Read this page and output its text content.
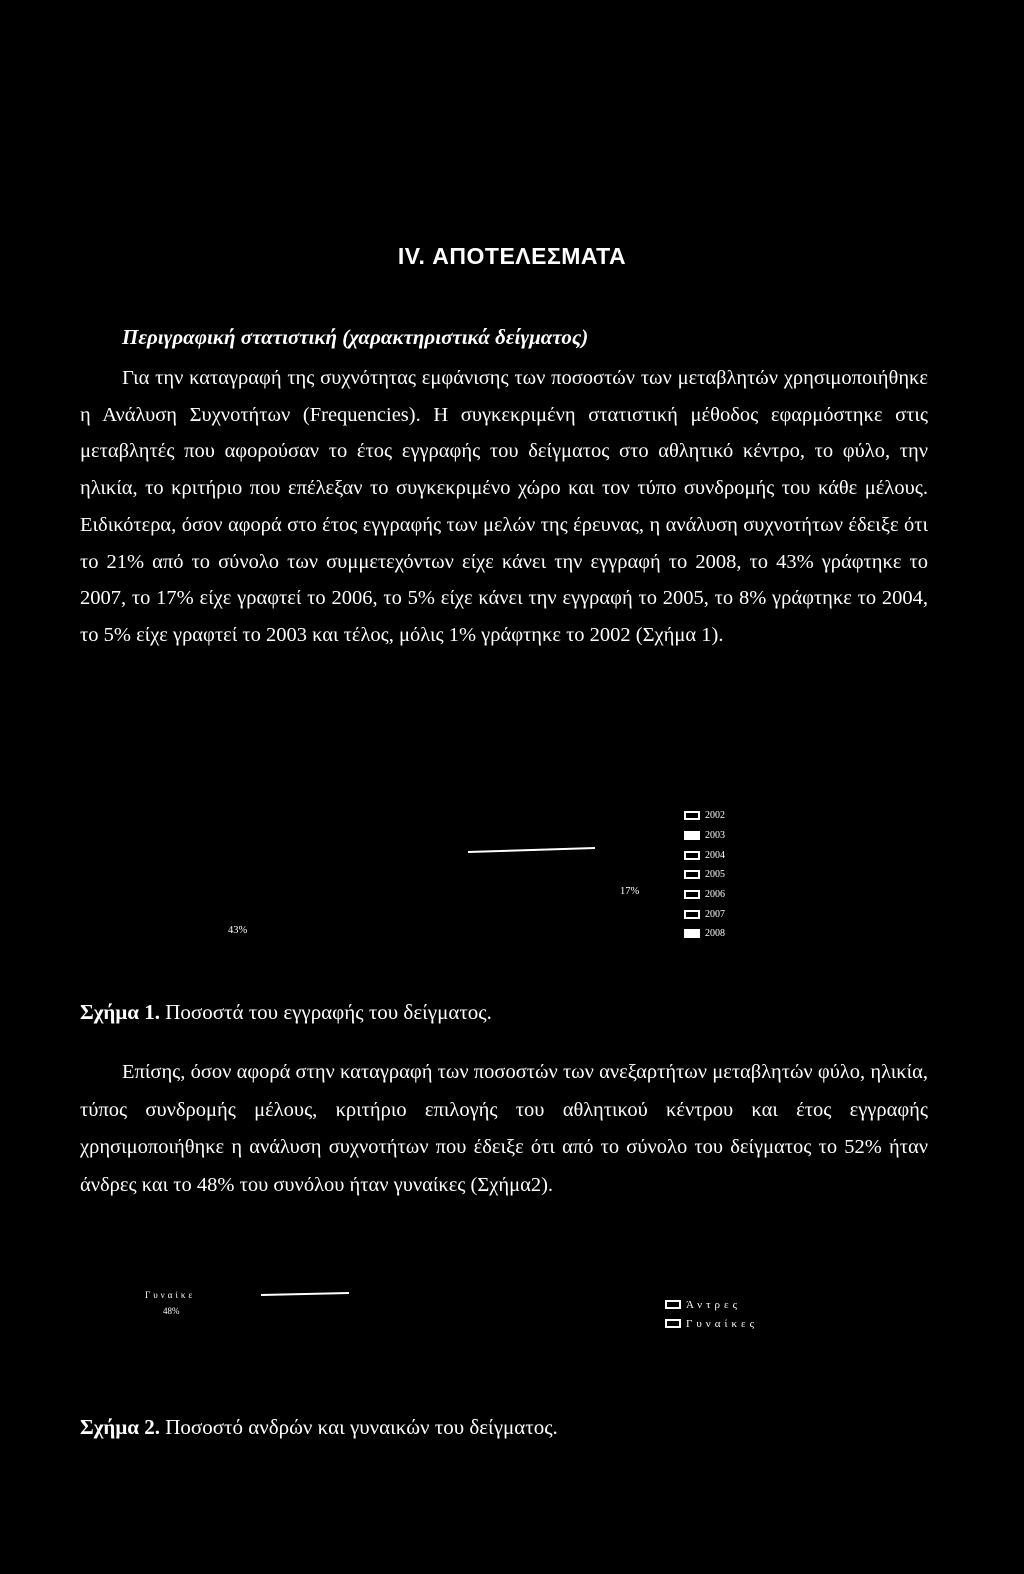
IV. ΑΠΟΤΕΛΕΣΜΑΤΑ
Περιγραφική στατιστική (χαρακτηριστικά δείγματος)

Για την καταγραφή της συχνότητας εμφάνισης των ποσοστών των μεταβλητών χρησιμοποιήθηκε η Ανάλυση Συχνοτήτων (Frequencies). Η συγκεκριμένη στατιστική μέθοδος εφαρμόστηκε στις μεταβλητές που αφορούσαν το έτος εγγραφής του δείγματος στο αθλητικό κέντρο, το φύλο, την ηλικία, το κριτήριο που επέλεξαν το συγκεκριμένο χώρο και τον τύπο συνδρομής του κάθε μέλους. Ειδικότερα, όσον αφορά στο έτος εγγραφής των μελών της έρευνας, η ανάλυση συχνοτήτων έδειξε ότι το 21% από το σύνολο των συμμετεχόντων είχε κάνει την εγγραφή το 2008, το 43% γράφτηκε το 2007, το 17% είχε γραφτεί το 2006, το 5% είχε κάνει την εγγραφή το 2005, το 8% γράφτηκε το 2004, το 5% είχε γραφτεί το 2003 και τέλος, μόλις 1% γράφτηκε το 2002 (Σχήμα 1).

43%
17%
2002
2003
2004
2005
2006
2007
2008
Σχήμα 1. Ποσοστά του εγγραφής του δείγματος.

Επίσης, όσον αφορά στην καταγραφή των ποσοστών των ανεξαρτήτων μεταβλητών φύλο, ηλικία, τύπος συνδρομής μέλους, κριτήριο επιλογής του αθλητικού κέντρου και έτος εγγραφής χρησιμοποιήθηκε η ανάλυση συχνοτήτων που έδειξε ότι από το σύνολο του δείγματος το 52% ήταν άνδρες και το 48% του συνόλου ήταν γυναίκες (Σχήμα2).

Γυναίκε
48%
Άντρες
Γυναίκες
Σχήμα 2. Ποσοστό ανδρών και γυναικών του δείγματος.
